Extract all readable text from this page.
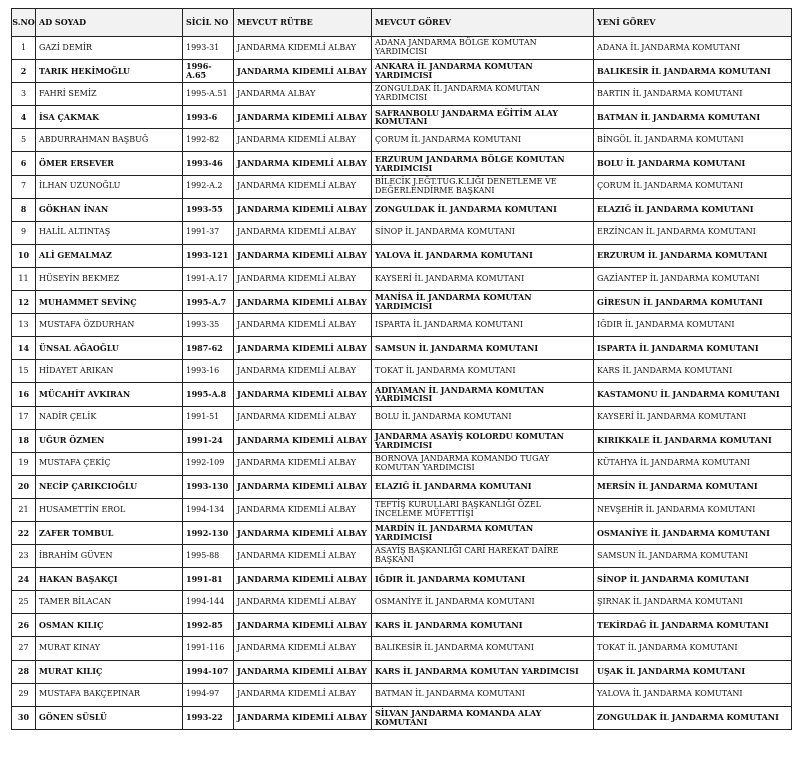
S.NO	AD SOYAD	SİCİL NO	MEVCUT RÜTBE	MEVCUT GÖREV	YENİ GÖREV
1	GAZİ DEMİR	1993-31	JANDARMA KIDEMLİ ALBAY	ADANA JANDARMA BÖLGE KOMUTAN YARDIMCISI	ADANA İL JANDARMA KOMUTANI
2	TARIK HEKİMOĞLU	1996-A.65	JANDARMA KIDEMLİ ALBAY	ANKARA İL JANDARMA KOMUTAN YARDIMCISI	BALIKESİR İL JANDARMA KOMUTANI
3	FAHRİ SEMİZ	1995-A.51	JANDARMA ALBAY	ZONGULDAK İL JANDARMA KOMUTAN YARDIMCISI	BARTIN İL JANDARMA KOMUTANI
4	İSA ÇAKMAK	1993-6	JANDARMA KIDEMLİ ALBAY	SAFRANBOLU JANDARMA EĞİTİM ALAY KOMUTANI	BATMAN İL JANDARMA KOMUTANI
5	ABDURRAHMAN BAŞBUĞ	1992-82	JANDARMA KIDEMLİ ALBAY	ÇORUM İL JANDARMA KOMUTANI	BİNGÖL İL JANDARMA KOMUTANI
6	ÖMER ERSEVER	1993-46	JANDARMA KIDEMLİ ALBAY	ERZURUM JANDARMA BÖLGE KOMUTAN YARDIMCISI	BOLU İL JANDARMA KOMUTANI
7	İLHAN UZUNOĞLU	1992-A.2	JANDARMA KIDEMLİ ALBAY	BİLECİK J.EĞT.TUG.K.LIĞI DENETLEME VE DEĞERLENDİRME BAŞKANI	ÇORUM İL JANDARMA KOMUTANI
8	GÖKHAN İNAN	1993-55	JANDARMA KIDEMLİ ALBAY	ZONGULDAK İL JANDARMA KOMUTANI	ELAZIĞ İL JANDARMA KOMUTANI
9	HALİL ALTINTAŞ	1991-37	JANDARMA KIDEMLİ ALBAY	SİNOP İL JANDARMA KOMUTANI	ERZİNCAN İL JANDARMA KOMUTANI
10	ALİ GEMALMAZ	1993-121	JANDARMA KIDEMLİ ALBAY	YALOVA İL JANDARMA KOMUTANI	ERZURUM İL JANDARMA KOMUTANI
11	HÜSEYİN BEKMEZ	1991-A.17	JANDARMA KIDEMLİ ALBAY	KAYSERİ İL JANDARMA KOMUTANI	GAZİANTEP İL JANDARMA KOMUTANI
12	MUHAMMET SEVİNÇ	1995-A.7	JANDARMA KIDEMLİ ALBAY	MANİSA İL JANDARMA KOMUTAN YARDIMCISI	GİRESUN İL JANDARMA KOMUTANI
13	MUSTAFA ÖZDURHAN	1993-35	JANDARMA KIDEMLİ ALBAY	ISPARTA İL JANDARMA KOMUTANI	IĞDIR İL JANDARMA KOMUTANI
14	ÜNSAL AĞAOĞLU	1987-62	JANDARMA KIDEMLİ ALBAY	SAMSUN İL JANDARMA KOMUTANI	ISPARTA İL JANDARMA KOMUTANI
15	HİDAYET ARIKAN	1993-16	JANDARMA KIDEMLİ ALBAY	TOKAT İL JANDARMA KOMUTANI	KARS İL JANDARMA KOMUTANI
16	MÜCAHİT AVKIRAN	1995-A.8	JANDARMA KIDEMLİ ALBAY	ADIYAMAN İL JANDARMA KOMUTAN YARDIMCISI	KASTAMONU İL JANDARMA KOMUTANI
17	NADİR ÇELİK	1991-51	JANDARMA KIDEMLİ ALBAY	BOLU İL JANDARMA KOMUTANI	KAYSERİ İL JANDARMA KOMUTANI
18	UĞUR ÖZMEN	1991-24	JANDARMA KIDEMLİ ALBAY	JANDARMA ASAYİŞ KOLORDU KOMUTAN YARDIMCISI	KIRIKKALE İL JANDARMA KOMUTANI
19	MUSTAFA ÇEKİÇ	1992-109	JANDARMA KIDEMLİ ALBAY	BORNOVA JANDARMA KOMANDO TUGAY KOMUTAN YARDIMCISI	KÜTAHYA İL JANDARMA KOMUTANI
20	NECİP ÇARIKCIOĞLU	1993-130	JANDARMA KIDEMLİ ALBAY	ELAZIĞ İL JANDARMA KOMUTANI	MERSİN İL JANDARMA KOMUTANI
21	HUSAMETTİN EROL	1994-134	JANDARMA KIDEMLİ ALBAY	TEFTİŞ KURULLARI BAŞKANLIĞI ÖZEL İNCELEME MÜFETTİŞİ	NEVŞEHİR İL JANDARMA KOMUTANI
22	ZAFER TOMBUL	1992-130	JANDARMA KIDEMLİ ALBAY	MARDİN İL JANDARMA KOMUTAN YARDIMCISI	OSMANİYE İL JANDARMA KOMUTANI
23	İBRAHİM GÜVEN	1995-88	JANDARMA KIDEMLİ ALBAY	ASAYİŞ BAŞKANLIĞI CARİ HAREKAT DAİRE BAŞKANI	SAMSUN İL JANDARMA KOMUTANI
24	HAKAN BAŞAKÇI	1991-81	JANDARMA KIDEMLİ ALBAY	IĞDIR İL JANDARMA KOMUTANI	SİNOP İL JANDARMA KOMUTANI
25	TAMER BİLACAN	1994-144	JANDARMA KIDEMLİ ALBAY	OSMANİYE İL JANDARMA KOMUTANI	ŞIRNAK İL JANDARMA KOMUTANI
26	OSMAN KILIÇ	1992-85	JANDARMA KIDEMLİ ALBAY	KARS İL JANDARMA KOMUTANI	TEKİRDAĞ İL JANDARMA KOMUTANI
27	MURAT KINAY	1991-116	JANDARMA KIDEMLİ ALBAY	BALIKESİR İL JANDARMA KOMUTANI	TOKAT İL JANDARMA KOMUTANI
28	MURAT KILIÇ	1994-107	JANDARMA KIDEMLİ ALBAY	KARS İL JANDARMA KOMUTAN YARDIMCISI	UŞAK İL JANDARMA KOMUTANI
29	MUSTAFA BAKÇEPINAR	1994-97	JANDARMA KIDEMLİ ALBAY	BATMAN İL JANDARMA KOMUTANI	YALOVA İL JANDARMA KOMUTANI
30	GÖNEN SÜSLÜ	1993-22	JANDARMA KIDEMLİ ALBAY	SİLVAN JANDARMA KOMANDA ALAY KOMUTANI	ZONGULDAK İL JANDARMA KOMUTANI
